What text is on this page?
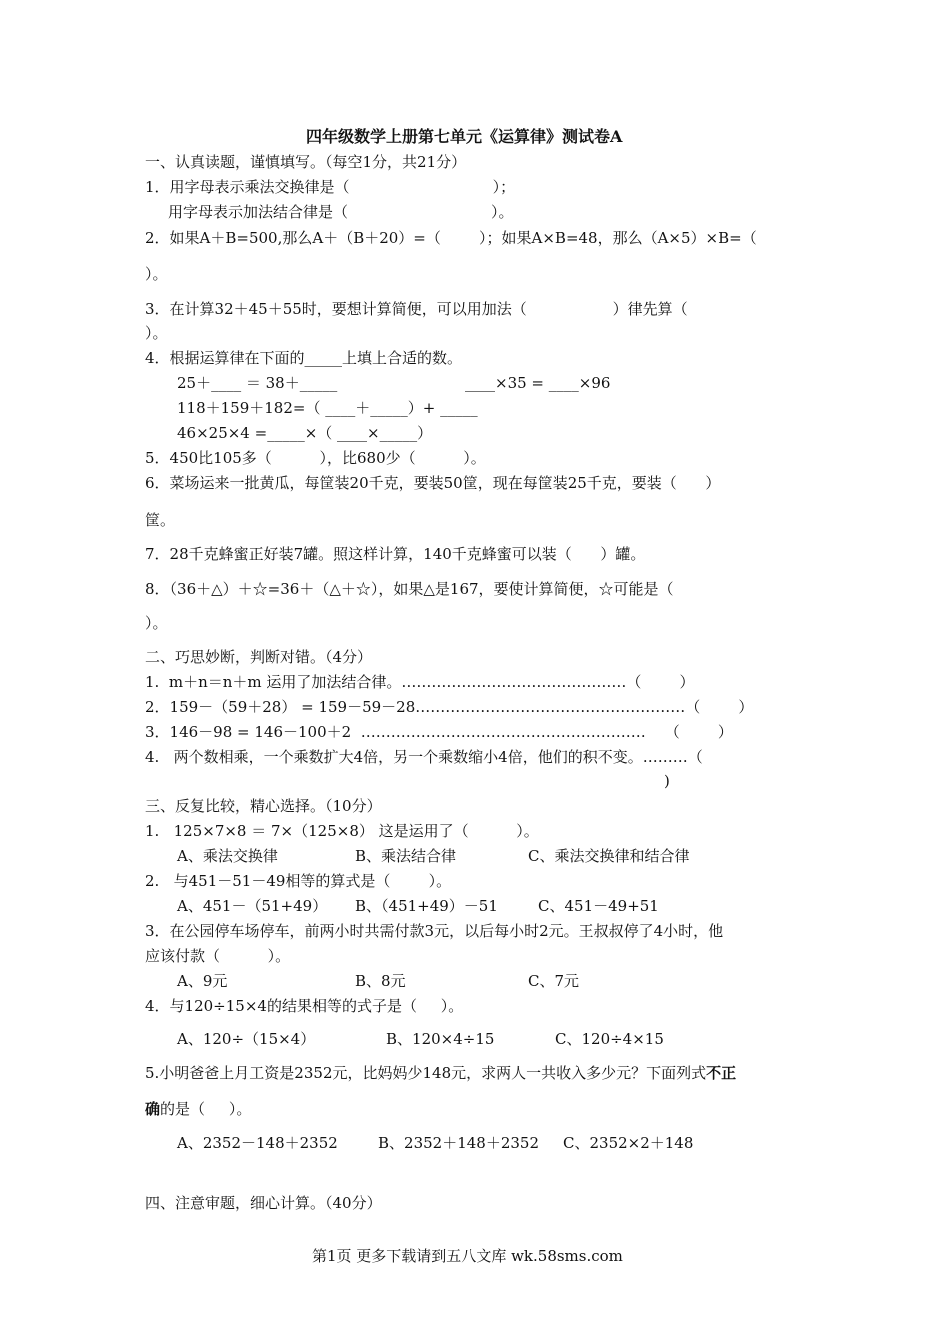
四年级数学上册第七单元《运算律》测试卷A
一、认真读题，谨慎填写。（每空1分，共21分）
1．用字母表示乘法交换律是（                              ）；
用字母表示加法结合律是（                              ）。
2．如果A＋B=500,那么A＋（B＋20）=（        ）；如果A×B=48，那么（A×5）×B=（
）。
3．在计算32＋45＋55时，要想计算简便，可以用加法（                  ）律先算（
）。
4．根据运算律在下面的_____上填上合适的数。
25＋____ ＝ 38＋_____	____×35 = ____×96
118＋159＋182=（ ____＋_____）+ _____
46×25×4 =_____×（ ____×_____）
5．450比105多（          ），比680少（          ）。
6．菜场运来一批黄瓜，每筐装20千克，要装50筐，现在每筐装25千克，要装（      ）
筐。
7．28千克蜂蜜正好装7罐。照这样计算，140千克蜂蜜可以装（      ）罐。
8．（36＋△）＋☆=36＋（△＋☆），如果△是167，要使计算简便，☆可能是（
）。
二、巧思妙断，判断对错。（4分）
1.  m＋n＝n＋m 运用了加法结合律。………………………………………（        ）
2．159－（59＋28） = 159－59－28………………………………………………（        ）
3．146－98 = 146－100＋2  …………………………………………………    （        ）
4.   两个数相乘，一个乘数扩大4倍，另一个乘数缩小4倍，他们的积不变。………（
)
三、反复比较，精心选择。（10分）
1.   125×7×8 ＝ 7×（125×8） 这是运用了（          ）。
A、乘法交换律	B、乘法结合律	C、乘法交换律和结合律
2.   与451－51－49相等的算式是（        ）。
A、451－（51+49） B、（451+49）－51	C、451－49+51
3．在公园停车场停车，前两小时共需付款3元，以后每小时2元。王叔叔停了4小时，他
应该付款（          ）。
A、9元	B、8元	C、7元
4．与120÷15×4的结果相等的式子是（     ）。
A、120÷（15×4）	B、120×4÷15	C、120÷4×15
5.小明爸爸上月工资是2352元，比妈妈少148元，求两人一共收入多少元？下面列式不正
确的是（     ）。
A、2352－148＋2352	B、2352＋148＋2352 C、2352×2＋148
四、注意审题，细心计算。（40分）
第1页 更多下载请到五八文库 wk.58sms.com
